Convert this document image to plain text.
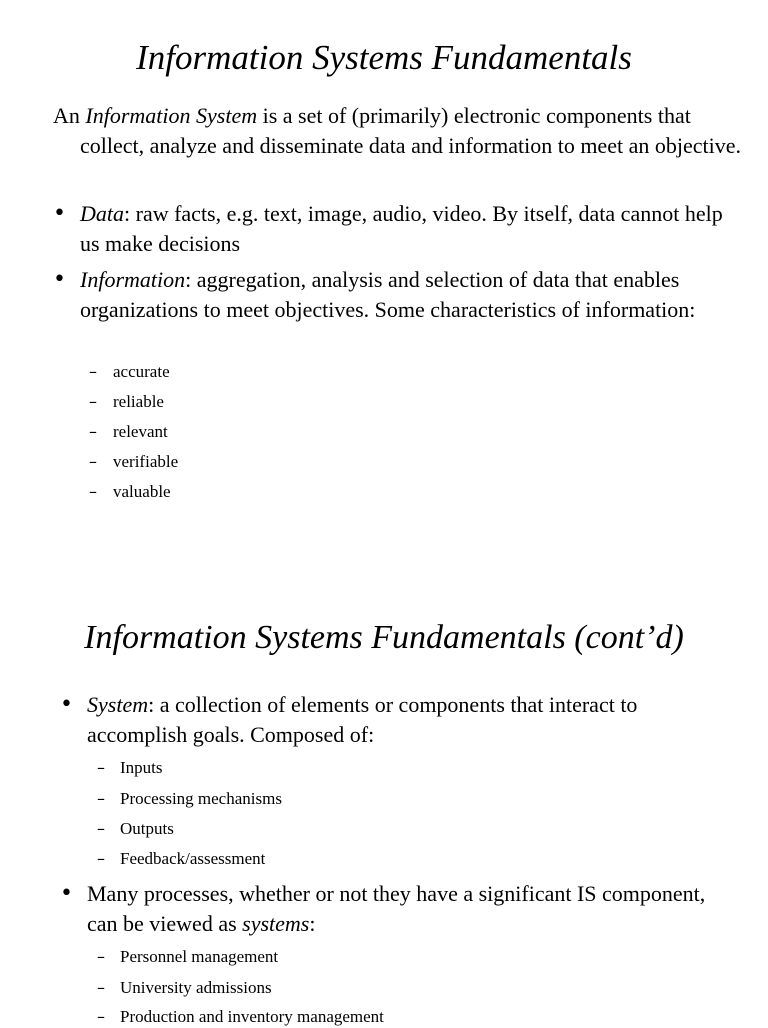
Information Systems Fundamentals

An Information System is a set of (primarily) electronic components that collect, analyze and disseminate data and information to meet an objective.

• Data: raw facts, e.g. text, image, audio, video. By itself, data cannot help us make decisions
• Information: aggregation, analysis and selection of data that enables organizations to meet objectives. Some characteristics of information:
– accurate
– reliable
– relevant
– verifiable
– valuable
Information Systems Fundamentals (cont’d)
• System: a collection of elements or components that interact to accomplish goals. Composed of:
– Inputs
– Processing mechanisms
– Outputs
– Feedback/assessment
• Many processes, whether or not they have a significant IS component, can be viewed as systems:
– Personnel management
– University admissions
– Production and inventory management
